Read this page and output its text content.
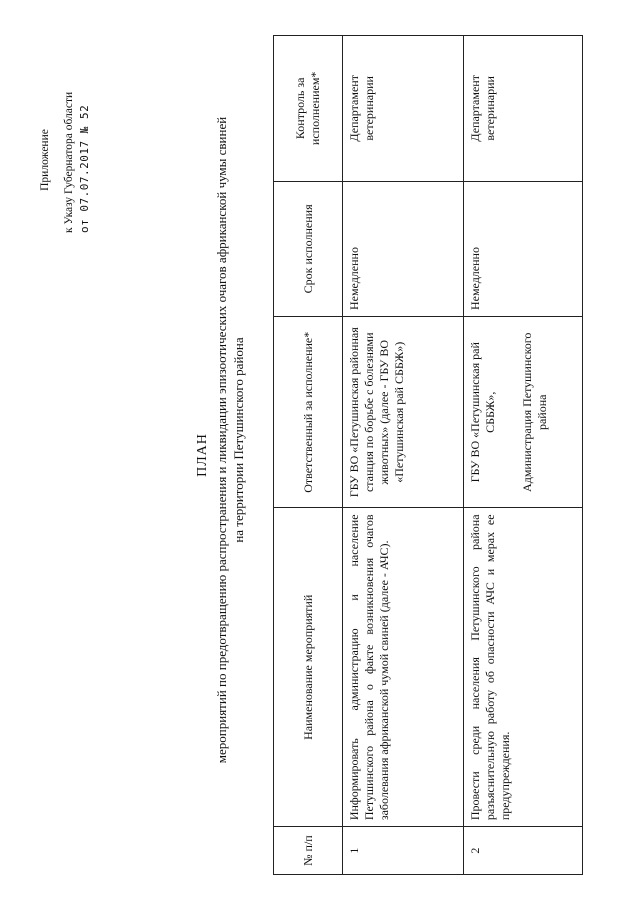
Приложение к Указу Губернатора области от 07.07.2017 № 52
ПЛАН мероприятий по предотвращению распространения и ликвидации эпизоотических очагов африканской чумы свиней на территории Петушинского района
№ п/п	Наименование мероприятий	Ответственный за исполнение*	Срок исполнения	Контроль за исполнением*
1	Информировать администрацию и население Петушинского района о факте возникновения очагов заболевания африканской чумой свиней (далее - АЧС).	ГБУ ВО «Петушинская районная станция по борьбе с болезнями животных» (далее - ГБУ ВО «Петушинская рай СББЖ»)	Немедленно	Департамент ветеринарии
2	Провести среди населения Петушинского района разъяснительную работу об опасности АЧС и мерах ее предупреждения.	ГБУ ВО «Петушинская рай СББЖ», Администрация Петушинского района	Немедленно	Департамент ветеринарии
